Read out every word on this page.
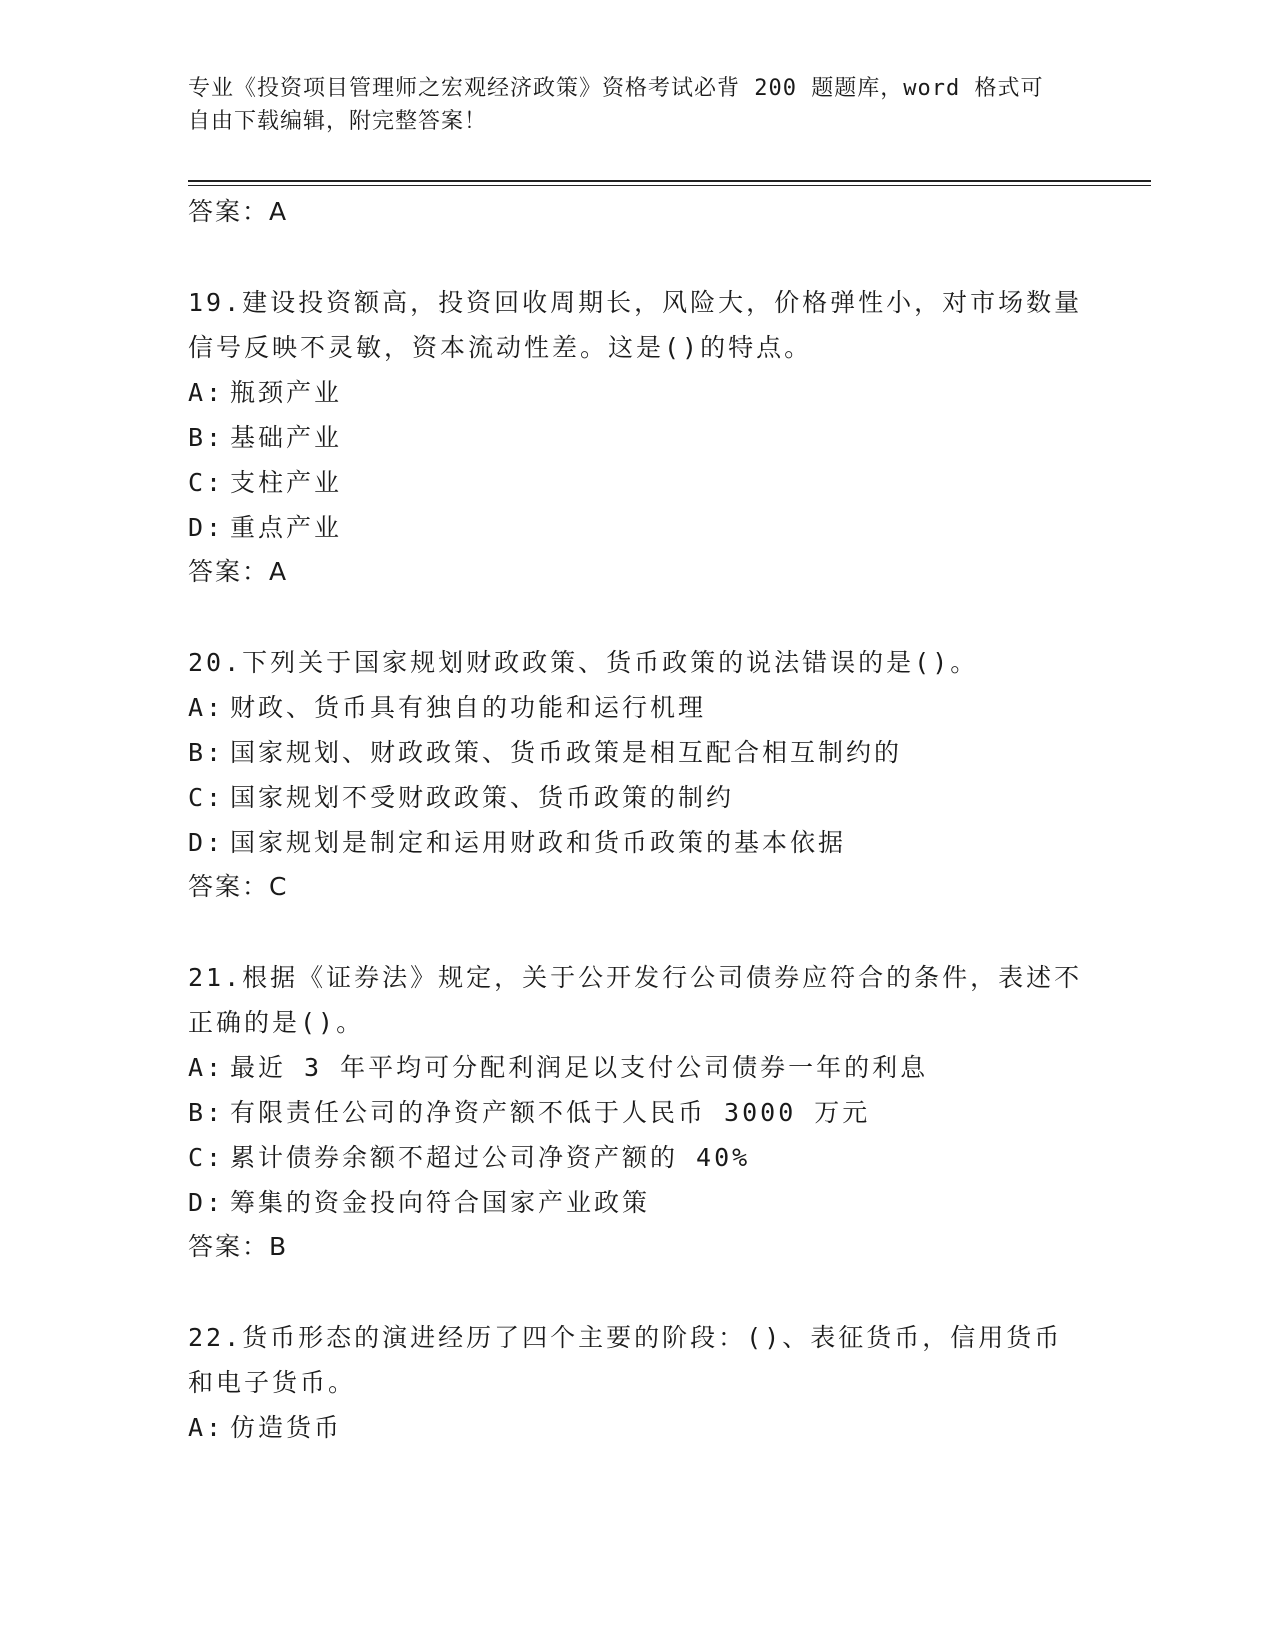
专业《投资项目管理师之宏观经济政策》资格考试必背 200 题题库，word 格式可
自由下载编辑，附完整答案！

答案：A

19.建设投资额高，投资回收周期长，风险大，价格弹性小，对市场数量信号反映不灵敏，资本流动性差。这是()的特点。

A: 瓶颈产业

B: 基础产业

C: 支柱产业

D: 重点产业

答案：A

20.下列关于国家规划财政政策、货币政策的说法错误的是()。

A: 财政、货币具有独自的功能和运行机理

B: 国家规划、财政政策、货币政策是相互配合相互制约的

C: 国家规划不受财政政策、货币政策的制约

D: 国家规划是制定和运用财政和货币政策的基本依据

答案：C

21.根据《证券法》规定，关于公开发行公司债券应符合的条件，表述不正确的是()。

A: 最近 3 年平均可分配利润足以支付公司债券一年的利息

B: 有限责任公司的净资产额不低于人民币 3000 万元

C: 累计债券余额不超过公司净资产额的 40%

D: 筹集的资金投向符合国家产业政策

答案：B

22.货币形态的演进经历了四个主要的阶段：()、表征货币，信用货币和电子货币。

A: 仿造货币
